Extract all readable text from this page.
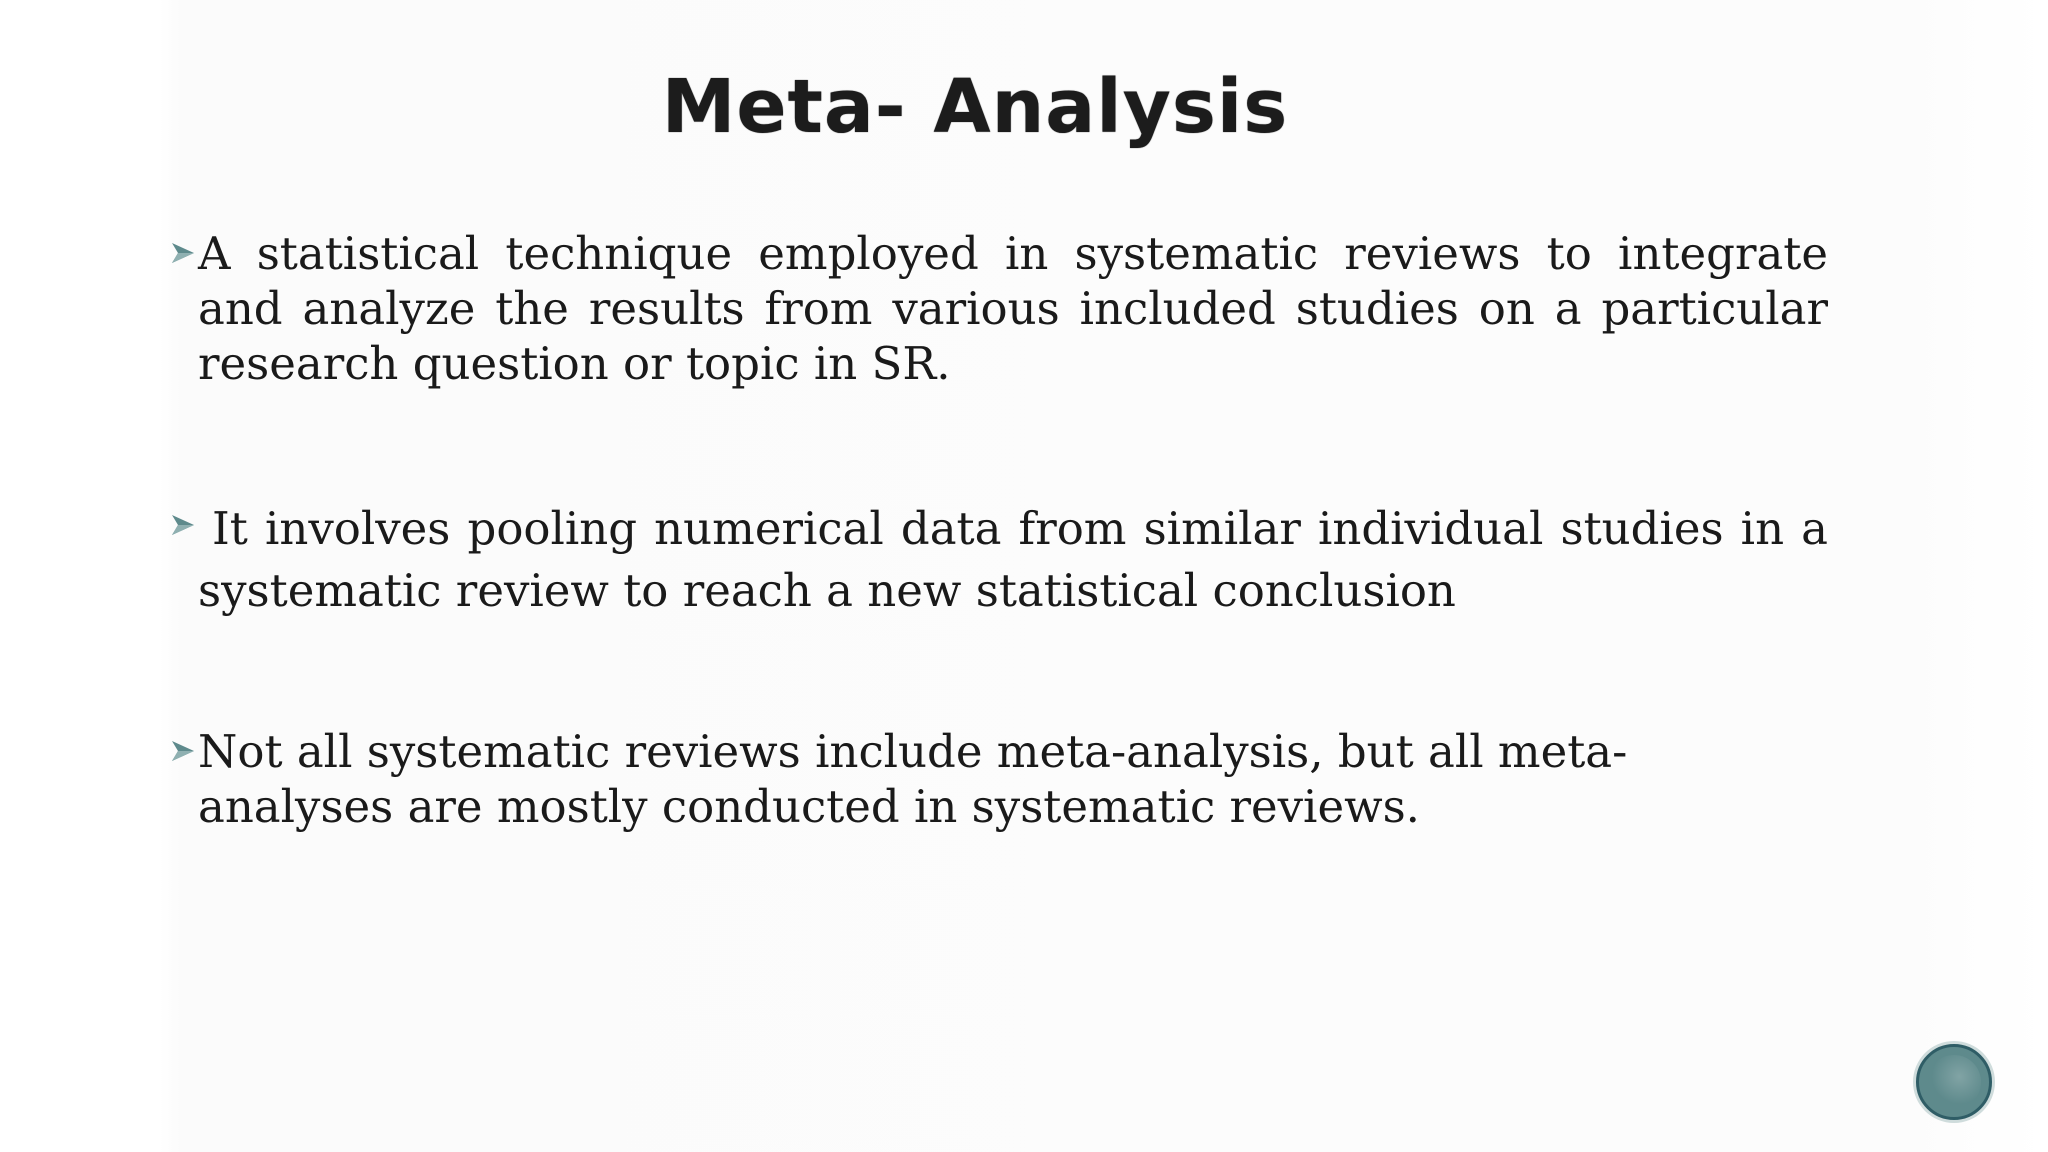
Meta- Analysis

A statistical technique employed in systematic reviews to integrate and analyze the results from various included studies on a particular research question or topic in SR.

It involves pooling numerical data from similar individual studies in a systematic review to reach a new statistical conclusion

Not all systematic reviews include meta-analysis, but all meta-analyses are mostly conducted in systematic reviews.
